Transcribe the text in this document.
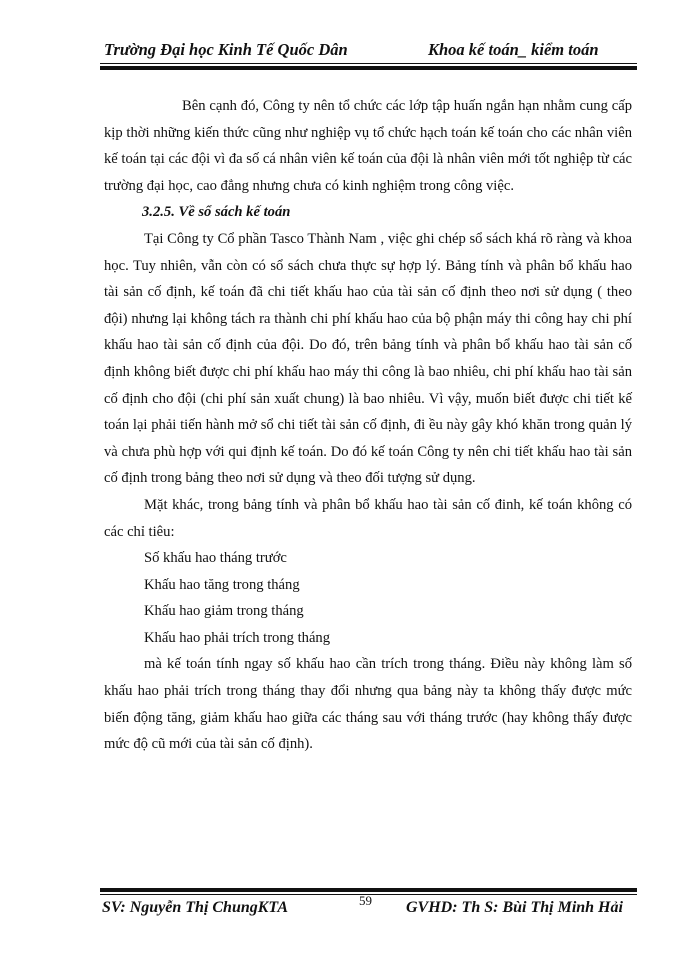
Trường Đại học Kinh Tế Quốc Dân	Khoa kế toán_ kiểm toán

Bên cạnh đó, Công ty nên tổ chức các lớp tập huấn ngắn hạn nhằm cung cấp kịp thời những kiến thức cũng như nghiệp vụ tổ chức hạch toán kế toán cho các nhân viên kế toán tại các đội vì đa số cá nhân viên kế toán của đội là nhân viên mới tốt nghiệp từ các trường đại học, cao đẳng nhưng chưa có kinh nghiệm trong công việc.

3.2.5. Về sổ sách kế toán

Tại Công ty Cổ phần Tasco Thành Nam , việc ghi chép sổ sách khá rõ ràng và khoa học. Tuy nhiên, vẫn còn có sổ sách chưa thực sự hợp lý. Bảng tính và phân bổ khấu hao tài sản cố định, kế toán đã chi tiết khấu hao của tài sản cố định theo nơi sử dụng ( theo đội) nhưng lại không tách ra thành chi phí khấu hao của bộ phận máy thi công hay chi phí khấu hao tài sản cố định của đội. Do đó, trên bảng tính và phân bổ khấu hao tài sản cố định không biết được chi phí khấu hao máy thi công là bao nhiêu, chi phí khấu hao tài sản cố định cho đội (chi phí sản xuất chung) là bao nhiêu. Vì vậy, muốn biết được chi tiết kế toán lại phải tiến hành mở sổ chi tiết tài sản cố định, đi ều này gây khó khăn trong quản lý và chưa phù hợp với qui định kế toán. Do đó kế toán Công ty nên chi tiết khấu hao tài sản cố định trong bảng theo nơi sử dụng và theo đối tượng sử dụng.

Mặt khác, trong bảng tính và phân bổ khấu hao tài sản cố đinh, kế toán không có các chỉ tiêu:

Số khấu hao tháng trước

Khấu hao tăng trong tháng

Khấu hao giảm trong tháng

Khấu hao phải trích trong tháng

mà kế toán tính ngay số khấu hao cần trích trong tháng. Điều này không làm số khấu hao phải trích trong tháng thay đổi nhưng qua bảng này ta không thấy được mức biến động tăng, giảm khấu hao giữa các tháng sau với tháng trước (hay không thấy được mức độ cũ mới của tài sản cố định).

59
SV: Nguyễn Thị ChungKTA	GVHD: Th S: Bùi Thị Minh Hải
